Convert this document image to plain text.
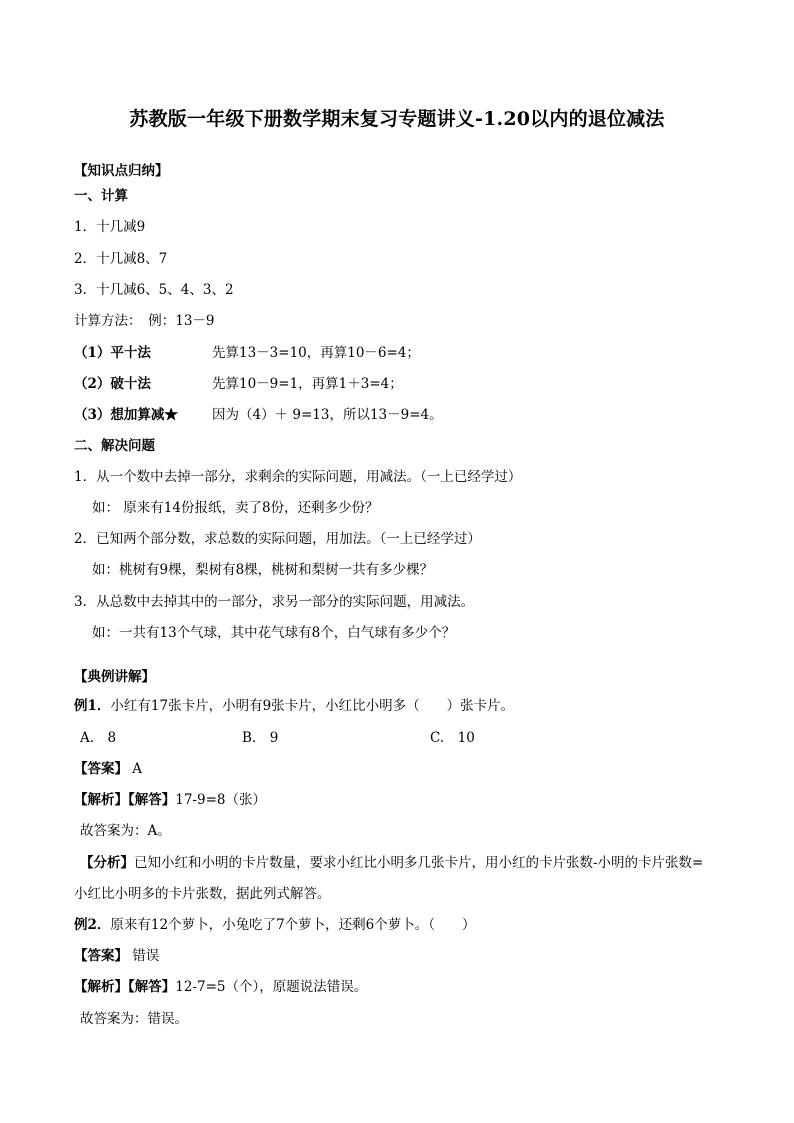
苏教版一年级下册数学期末复习专题讲义-1.20以内的退位减法
【知识点归纳】
一、计算
1．十几减9
2．十几减8、7
3．十几减6、5、4、3、2
计算方法：　例：13－9
（1）平十法	先算13－3=10，再算10－6=4；
（2）破十法	先算10－9=1，再算1＋3=4；
（3）想加算减★	因为（4）＋ 9=13，所以13－9=4。
二、解决问题
1．从一个数中去掉一部分，求剩余的实际问题，用减法。（一上已经学过）
如： 原来有14份报纸，卖了8份，还剩多少份？
2．已知两个部分数，求总数的实际问题，用加法。（一上已经学过）
如：桃树有9棵，梨树有8棵，桃树和梨树一共有多少棵？
3．从总数中去掉其中的一部分，求另一部分的实际问题，用减法。
如：一共有13个气球，其中花气球有8个，白气球有多少个？
【典例讲解】
例1．小红有17张卡片，小明有9张卡片，小红比小明多（　　）张卡片。
A.　8	B.　9	C.　10
【答案】 A
【解析】【解答】17-9=8（张）
故答案为：A。
【分析】已知小红和小明的卡片数量，要求小红比小明多几张卡片，用小红的卡片张数-小明的卡片张数=
小红比小明多的卡片张数，据此列式解答。
例2．原来有12个萝卜，小兔吃了7个萝卜，还剩6个萝卜。（　　）
【答案】 错误
【解析】【解答】12-7=5（个），原题说法错误。
故答案为：错误。
